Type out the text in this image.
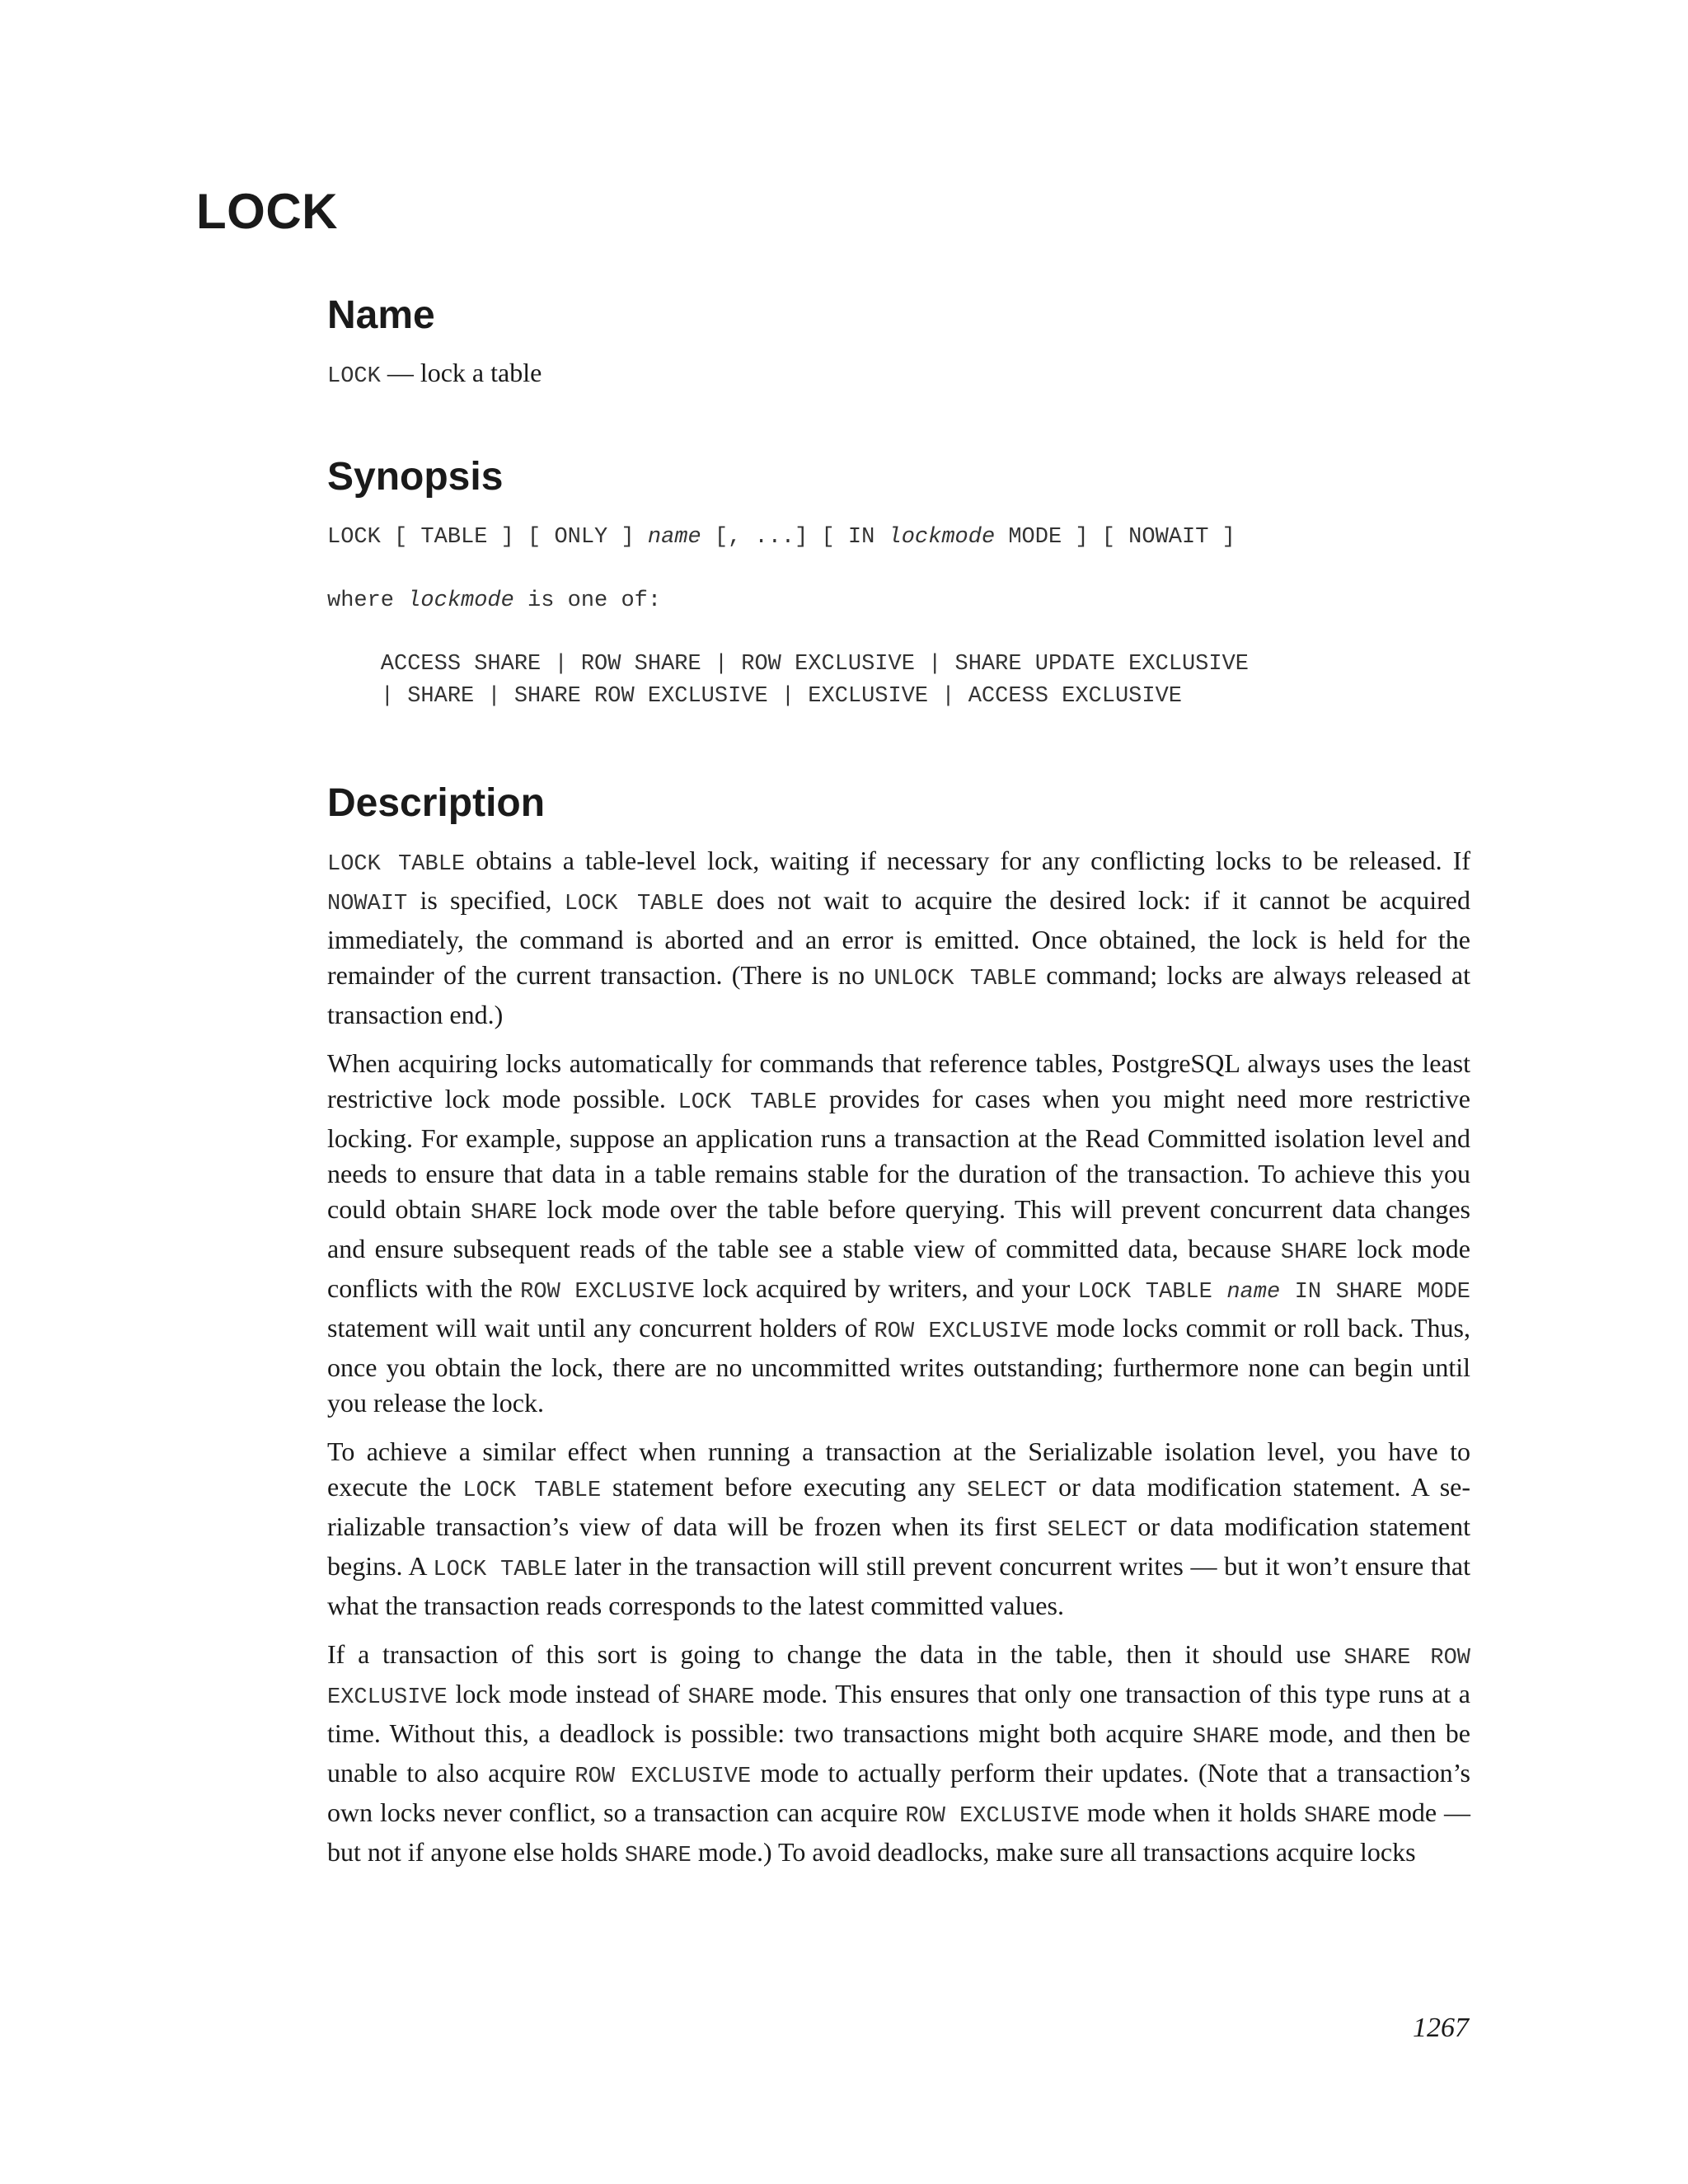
LOCK
Name
LOCK — lock a table
Synopsis
LOCK [ TABLE ] [ ONLY ] name [, ...] [ IN lockmode MODE ] [ NOWAIT ]
where lockmode is one of:
ACCESS SHARE | ROW SHARE | ROW EXCLUSIVE | SHARE UPDATE EXCLUSIVE
| SHARE | SHARE ROW EXCLUSIVE | EXCLUSIVE | ACCESS EXCLUSIVE
Description

LOCK TABLE obtains a table-level lock, waiting if necessary for any conflicting locks to be released. If NOWAIT is specified, LOCK TABLE does not wait to acquire the desired lock: if it cannot be acquired immediately, the command is aborted and an error is emitted. Once obtained, the lock is held for the remainder of the current transaction. (There is no UNLOCK TABLE command; locks are always released at transaction end.)

When acquiring locks automatically for commands that reference tables, PostgreSQL always uses the least restrictive lock mode possible. LOCK TABLE provides for cases when you might need more restrictive locking. For example, suppose an application runs a transaction at the Read Committed isolation level and needs to ensure that data in a table remains stable for the duration of the transaction. To achieve this you could obtain SHARE lock mode over the table before querying. This will prevent concurrent data changes and ensure subsequent reads of the table see a stable view of committed data, because SHARE lock mode conflicts with the ROW EXCLUSIVE lock acquired by writers, and your LOCK TABLE name IN SHARE MODE statement will wait until any concurrent holders of ROW EXCLUSIVE mode locks commit or roll back. Thus, once you obtain the lock, there are no uncommitted writes outstanding; furthermore none can begin until you release the lock.

To achieve a similar effect when running a transaction at the Serializable isolation level, you have to execute the LOCK TABLE statement before executing any SELECT or data modification statement. A serializable transaction’s view of data will be frozen when its first SELECT or data modification statement begins. A LOCK TABLE later in the transaction will still prevent concurrent writes — but it won’t ensure that what the transaction reads corresponds to the latest committed values.

If a transaction of this sort is going to change the data in the table, then it should use SHARE ROW EXCLUSIVE lock mode instead of SHARE mode. This ensures that only one transaction of this type runs at a time. Without this, a deadlock is possible: two transactions might both acquire SHARE mode, and then be unable to also acquire ROW EXCLUSIVE mode to actually perform their updates. (Note that a transaction’s own locks never conflict, so a transaction can acquire ROW EXCLUSIVE mode when it holds SHARE mode — but not if anyone else holds SHARE mode.) To avoid deadlocks, make sure all transactions acquire locks

1267
